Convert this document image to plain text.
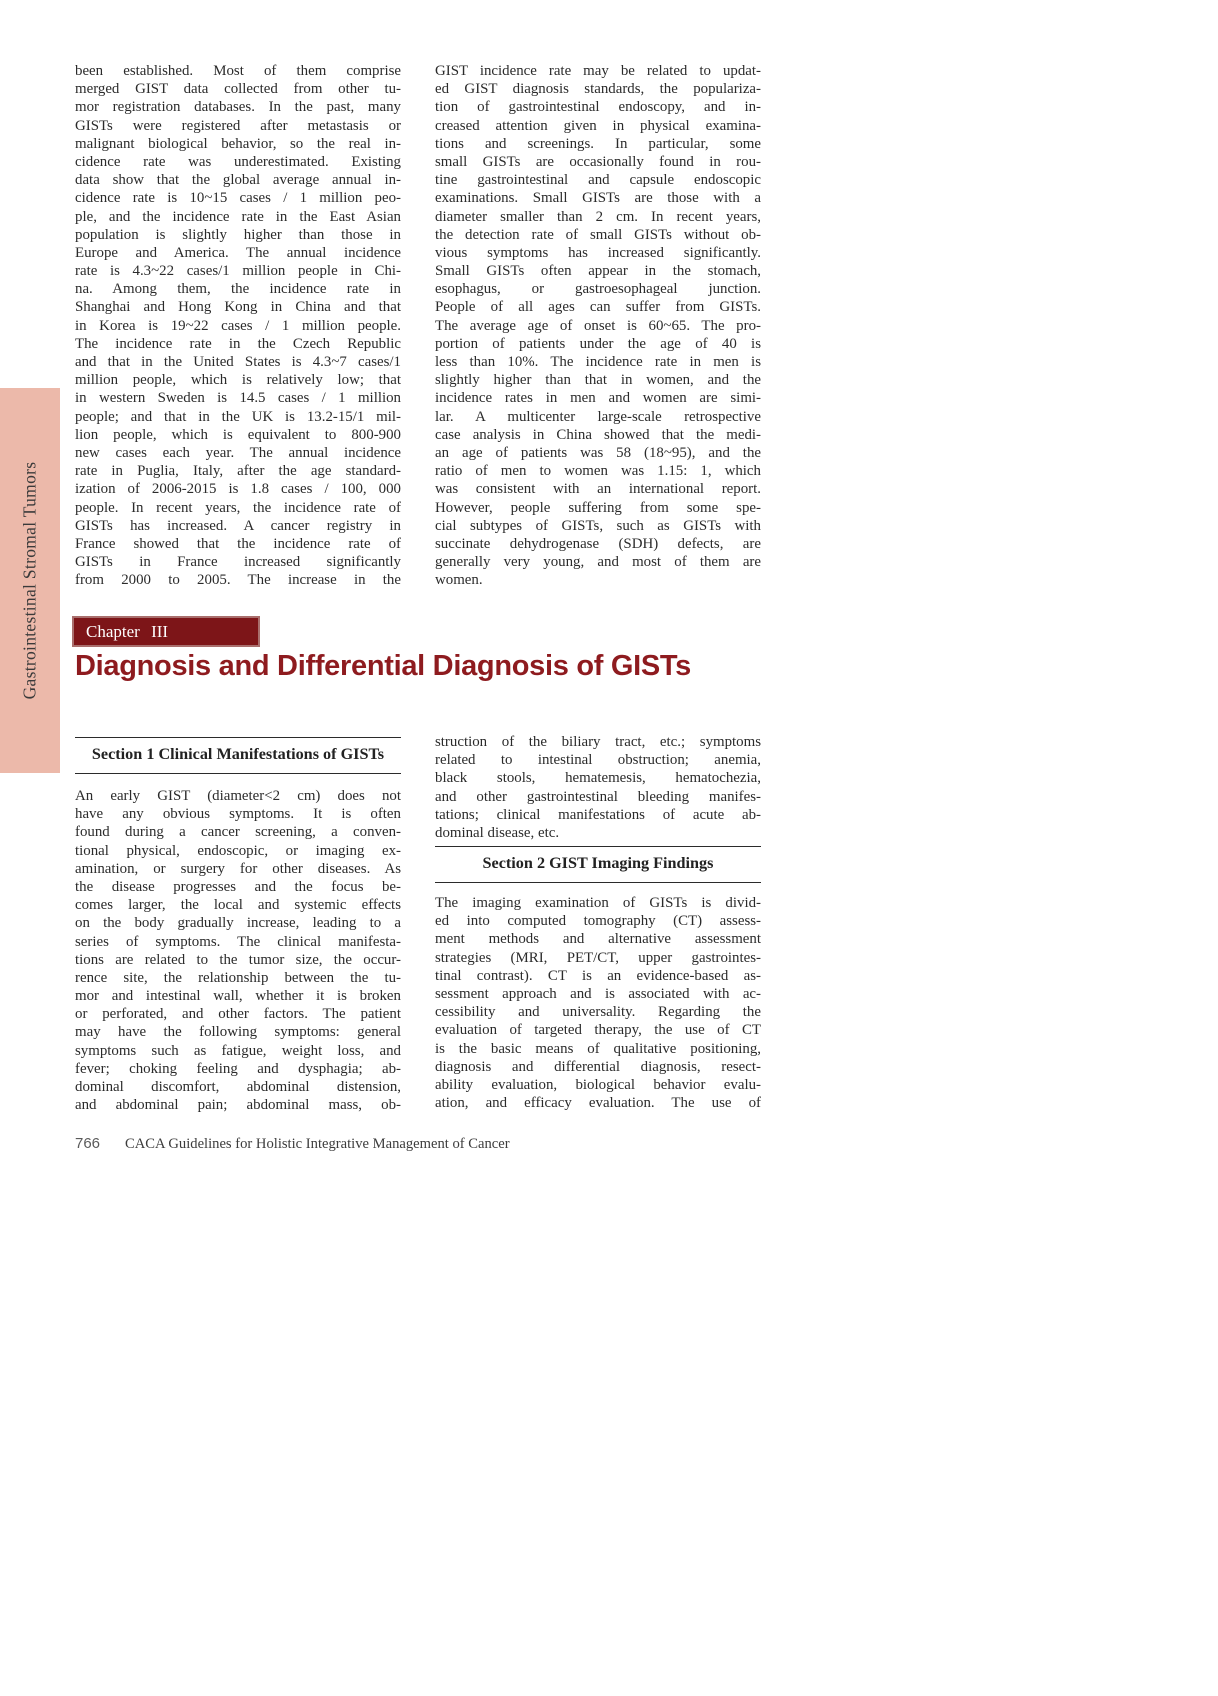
Gastrointestinal Stromal Tumors
been established. Most of them comprise
merged GIST data collected from other tu-
mor registration databases. In the past, many
GISTs were registered after metastasis or
malignant biological behavior, so the real in-
cidence rate was underestimated. Existing
data show that the global average annual in-
cidence rate is 10~15 cases / 1 million peo-
ple, and the incidence rate in the East Asian
population is slightly higher than those in
Europe and America. The annual incidence
rate is 4.3~22 cases/1 million people in Chi-
na. Among them, the incidence rate in
Shanghai and Hong Kong in China and that
in Korea is 19~22 cases / 1 million people.
The incidence rate in the Czech Republic
and that in the United States is 4.3~7 cases/1
million people, which is relatively low; that
in western Sweden is 14.5 cases / 1 million
people; and that in the UK is 13.2-15/1 mil-
lion people, which is equivalent to 800-900
new cases each year. The annual incidence
rate in Puglia, Italy, after the age standard-
ization of 2006-2015 is 1.8 cases / 100, 000
people. In recent years, the incidence rate of
GISTs has increased. A cancer registry in
France showed that the incidence rate of
GISTs in France increased significantly
from 2000 to 2005. The increase in the
GIST incidence rate may be related to updat-
ed GIST diagnosis standards, the populariza-
tion of gastrointestinal endoscopy, and in-
creased attention given in physical examina-
tions and screenings. In particular, some
small GISTs are occasionally found in rou-
tine gastrointestinal and capsule endoscopic
examinations. Small GISTs are those with a
diameter smaller than 2 cm. In recent years,
the detection rate of small GISTs without ob-
vious symptoms has increased significantly.
Small GISTs often appear in the stomach,
esophagus, or gastroesophageal junction.
People of all ages can suffer from GISTs.
The average age of onset is 60~65. The pro-
portion of patients under the age of 40 is
less than 10%. The incidence rate in men is
slightly higher than that in women, and the
incidence rates in men and women are simi-
lar. A multicenter large-scale retrospective
case analysis in China showed that the medi-
an age of patients was 58 (18~95), and the
ratio of men to women was 1.15: 1, which
was consistent with an international report.
However, people suffering from some spe-
cial subtypes of GISTs, such as GISTs with
succinate dehydrogenase (SDH) defects, are
generally very young, and most of them are
women.
Chapter III
Diagnosis and Differential Diagnosis of GISTs
Section 1 Clinical Manifestations of GISTs
An early GIST (diameter<2 cm) does not
have any obvious symptoms. It is often
found during a cancer screening, a conven-
tional physical, endoscopic, or imaging ex-
amination, or surgery for other diseases. As
the disease progresses and the focus be-
comes larger, the local and systemic effects
on the body gradually increase, leading to a
series of symptoms. The clinical manifesta-
tions are related to the tumor size, the occur-
rence site, the relationship between the tu-
mor and intestinal wall, whether it is broken
or perforated, and other factors. The patient
may have the following symptoms: general
symptoms such as fatigue, weight loss, and
fever; choking feeling and dysphagia; ab-
dominal discomfort, abdominal distension,
and abdominal pain; abdominal mass, ob-
struction of the biliary tract, etc.; symptoms
related to intestinal obstruction; anemia,
black stools, hematemesis, hematochezia,
and other gastrointestinal bleeding manifes-
tations; clinical manifestations of acute ab-
dominal disease, etc.
Section 2 GIST Imaging Findings
The imaging examination of GISTs is divid-
ed into computed tomography (CT) assess-
ment methods and alternative assessment
strategies (MRI, PET/CT, upper gastrointes-
tinal contrast). CT is an evidence-based as-
sessment approach and is associated with ac-
cessibility and universality. Regarding the
evaluation of targeted therapy, the use of CT
is the basic means of qualitative positioning,
diagnosis and differential diagnosis, resect-
ability evaluation, biological behavior evalu-
ation, and efficacy evaluation. The use of
766	CACA Guidelines for Holistic Integrative Management of Cancer
